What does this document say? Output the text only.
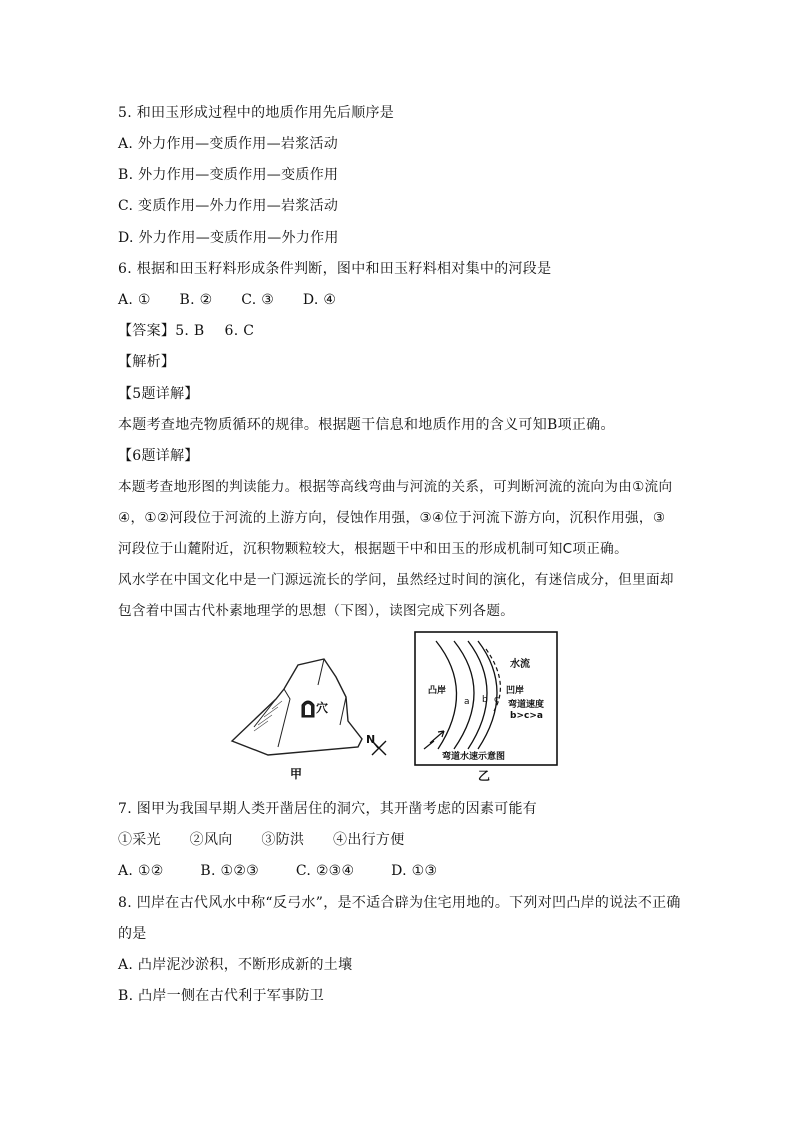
5. 和田玉形成过程中的地质作用先后顺序是
A. 外力作用—变质作用—岩浆活动
B. 外力作用—变质作用—变质作用
C. 变质作用—外力作用—岩浆活动
D. 外力作用—变质作用—外力作用
6. 根据和田玉籽料形成条件判断，图中和田玉籽料相对集中的河段是
A. ① B. ② C. ③ D. ④
【答案】5. B 6. C
【解析】
【5题详解】
本题考查地壳物质循环的规律。根据题干信息和地质作用的含义可知B项正确。
【6题详解】
本题考查地形图的判读能力。根据等高线弯曲与河流的关系，可判断河流的流向为由①流向
④，①②河段位于河流的上游方向，侵蚀作用强，③④位于河流下游方向，沉积作用强，③
河段位于山麓附近，沉积物颗粒较大，根据题干中和田玉的形成机制可知C项正确。
风水学在中国文化中是一门源远流长的学问，虽然经过时间的演化，有迷信成分，但里面却
包含着中国古代朴素地理学的思想（下图），读图完成下列各题。
穴
N
甲
水流
凸岸	凹岸
弯道速度
b>c>a
a b c
弯道水速示意图
乙
7. 图甲为我国早期人类开凿居住的洞穴，其开凿考虑的因素可能有
①采光 ②风向 ③防洪 ④出行方便
A. ①②	B. ①②③	C. ②③④	D. ①③
8. 凹岸在古代风水中称“反弓水”，是不适合辟为住宅用地的。下列对凹凸岸的说法不正确
的是
A. 凸岸泥沙淤积，不断形成新的土壤
B. 凸岸一侧在古代利于军事防卫
